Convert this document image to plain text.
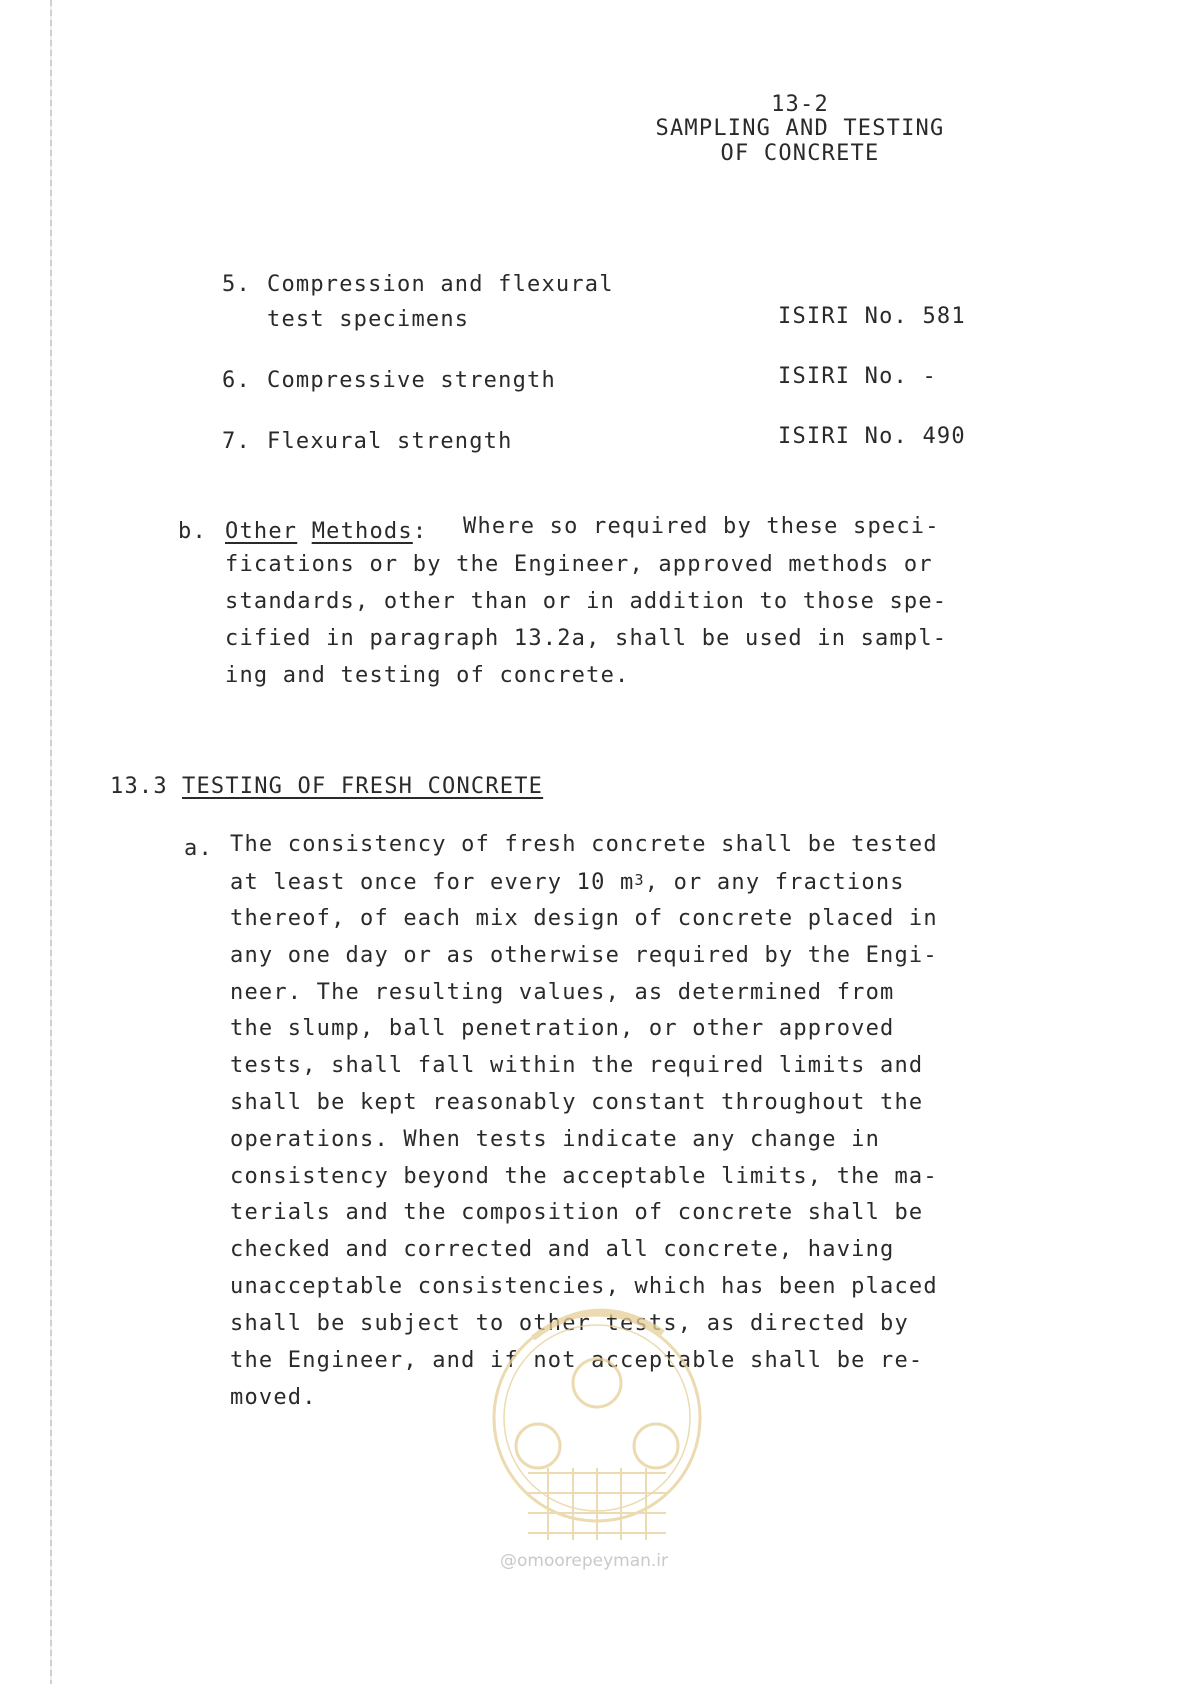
13-2
SAMPLING AND TESTING
OF CONCRETE
5. Compression and flexural
test specimens	ISIRI No. 581
6. Compressive strength	ISIRI No. -
7. Flexural strength	ISIRI No. 490
b. Other Methods: Where so required by these speci-
fications or by the Engineer, approved methods or
standards, other than or in addition to those spe-
cified in paragraph 13.2a, shall be used in sampl-
ing and testing of concrete.
13.3 TESTING OF FRESH CONCRETE
a. The consistency of fresh concrete shall be tested
at least once for every 10 $m^3$, or any fractions
thereof, of each mix design of concrete placed in
any one day or as otherwise required by the Engi-
neer. The resulting values, as determined from
the slump, ball penetration, or other approved
tests, shall fall within the required limits and
shall be kept reasonably constant throughout the
operations. When tests indicate any change in
consistency beyond the acceptable limits, the ma-
terials and the composition of concrete shall be
checked and corrected and all concrete, having
unacceptable consistencies, which has been placed
shall be subject to other tests, as directed by
the Engineer, and if not acceptable shall be re-
moved.
@omoorepeyman.ir
